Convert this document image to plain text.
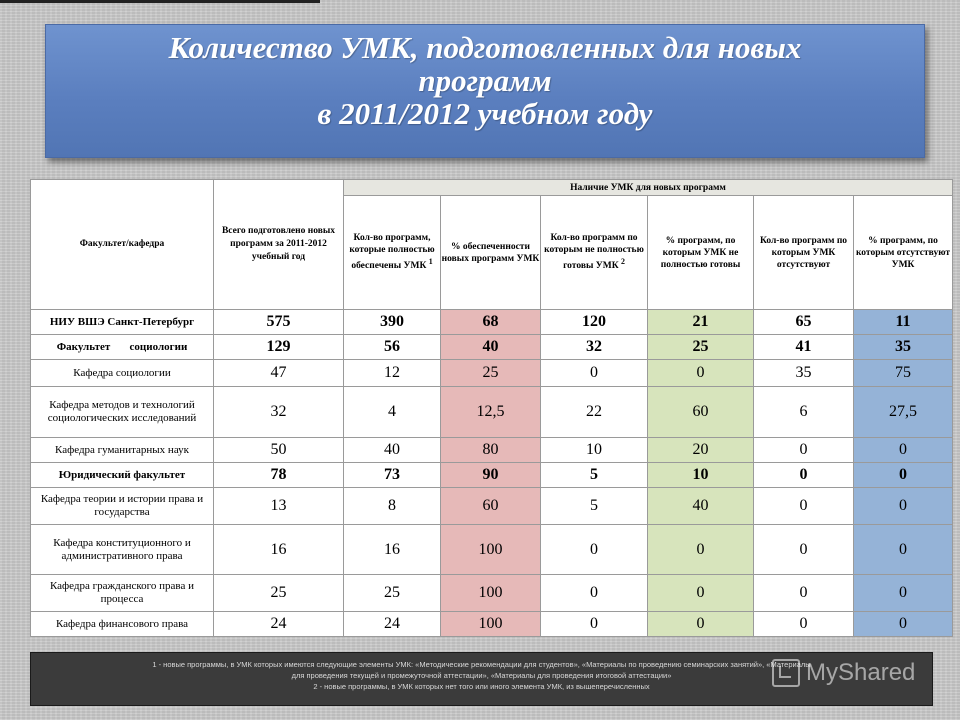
Количество УМК, подготовленных для новых
программ
в 2011/2012 учебном году
Факультет/кафедра	Всего подготовлено новых программ за 2011-2012 учебный год	Наличие УМК для новых программ					
		Кол-во программ, которые полностью обеспечены УМК $^1$	% обеспеченности новых программ УМК	Кол-во программ по которым не полностью готовы УМК $^2$	% программ, по которым УМК не полностью готовы	Кол-во программ по которым УМК отсутствуют	% программ, по которым отсутствуют УМК
НИУ ВШЭ Санкт-Петербург	575	390	68	120	21	65	11
Факультет       социологии	129	56	40	32	25	41	35
Кафедра социологии	47	12	25	0	0	35	75
Кафедра методов и технологий социологических исследований	32	4	12,5	22	60	6	27,5
Кафедра гуманитарных наук	50	40	80	10	20	0	0
Юридический факультет	78	73	90	5	10	0	0
Кафедра теории и истории права и государства	13	8	60	5	40	0	0
Кафедра конституционного и административного права	16	16	100	0	0	0	0
Кафедра гражданского права и процесса	25	25	100	0	0	0	0
Кафедра финансового права	24	24	100	0	0	0	0
1 - новые программы, в УМК которых имеются следующие элементы УМК: «Методические рекомендации для студентов», «Материалы по проведению семинарских занятий», «Материалы
для проведения текущей и промежуточной аттестации», «Материалы для проведения итоговой аттестации»
2 - новые программы, в УМК которых нет того или иного элемента УМК, из вышеперечисленных
MyShared
